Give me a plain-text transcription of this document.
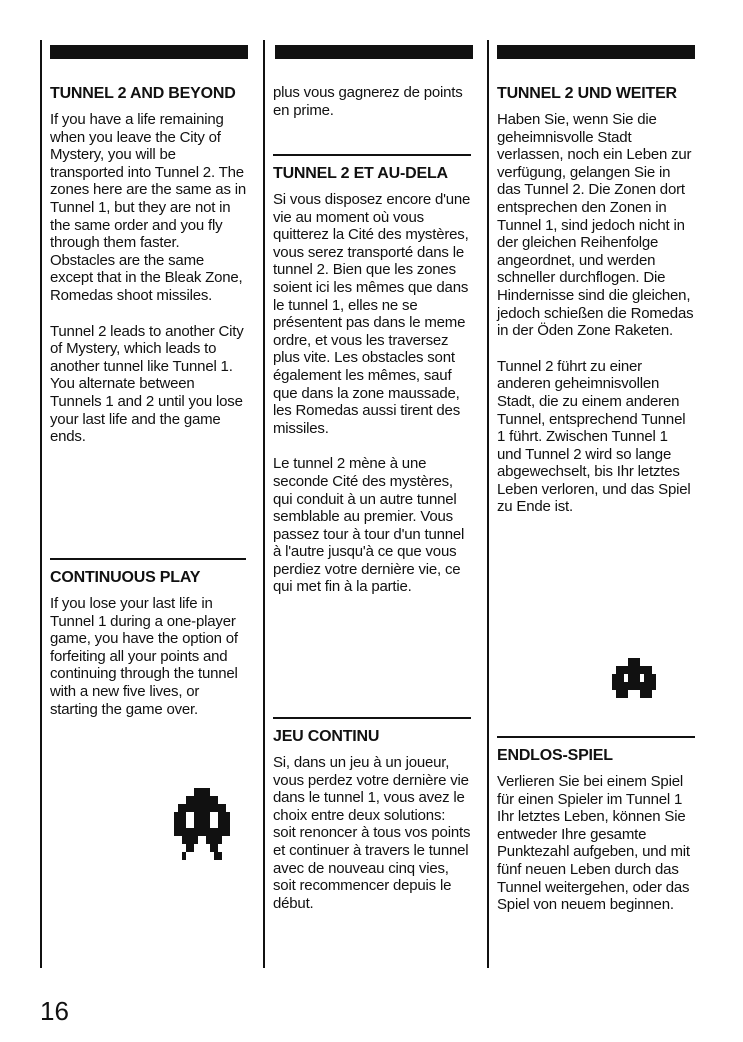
TUNNEL 2 AND BEYOND

If you have a life remaining when you leave the City of Mystery, you will be transported into Tunnel 2. The zones here are the same as in Tunnel 1, but they are not in the same order and you fly through them faster. Obstacles are the same except that in the Bleak Zone, Romedas shoot missiles.

Tunnel 2 leads to another City of Mystery, which leads to another tunnel like Tunnel 1. You alternate between Tunnels 1 and 2 until you lose your last life and the game ends.

CONTINUOUS PLAY

If you lose your last life in Tunnel 1 during a one-player game, you have the option of forfeiting all your points and continuing through the tunnel with a new five lives, or starting the game over.

plus vous gagnerez de points en prime.

TUNNEL 2 ET AU-DELA

Si vous disposez encore d'une vie au moment où vous quitterez la Cité des mystères, vous serez transporté dans le tunnel 2. Bien que les zones soient ici les mêmes que dans le tunnel 1, elles ne se présentent pas dans le meme ordre, et vous les traversez plus vite. Les obstacles sont également les mêmes, sauf que dans la zone maussade, les Romedas aussi tirent des missiles.

Le tunnel 2 mène à une seconde Cité des mystères, qui conduit à un autre tunnel semblable au premier. Vous passez tour à tour d'un tunnel à l'autre jusqu'à ce que vous perdiez votre dernière vie, ce qui met fin à la partie.

JEU CONTINU

Si, dans un jeu à un joueur, vous perdez votre dernière vie dans le tunnel 1, vous avez le choix entre deux solutions: soit renoncer à tous vos points et continuer à travers le tunnel avec de nouveau cinq vies, soit recommencer depuis le début.

TUNNEL 2 UND WEITER

Haben Sie, wenn Sie die geheimnisvolle Stadt verlassen, noch ein Leben zur verfügung, gelangen Sie in das Tunnel 2. Die Zonen dort entsprechen den Zonen in Tunnel 1, sind jedoch nicht in der gleichen Reihenfolge angeordnet, und werden schneller durchflogen. Die Hindernisse sind die gleichen, jedoch schießen die Romedas in der Öden Zone Raketen.

Tunnel 2 führt zu einer anderen geheimnisvollen Stadt, die zu einem anderen Tunnel, entsprechend Tunnel 1 führt. Zwischen Tunnel 1 und Tunnel 2 wird so lange abgewechselt, bis Ihr letztes Leben verloren, und das Spiel zu Ende ist.

ENDLOS-SPIEL

Verlieren Sie bei einem Spiel für einen Spieler im Tunnel 1 Ihr letztes Leben, können Sie entweder Ihre gesamte Punktezahl aufgeben, und mit fünf neuen Leben durch das Tunnel weitergehen, oder das Spiel von neuem beginnen.

16
